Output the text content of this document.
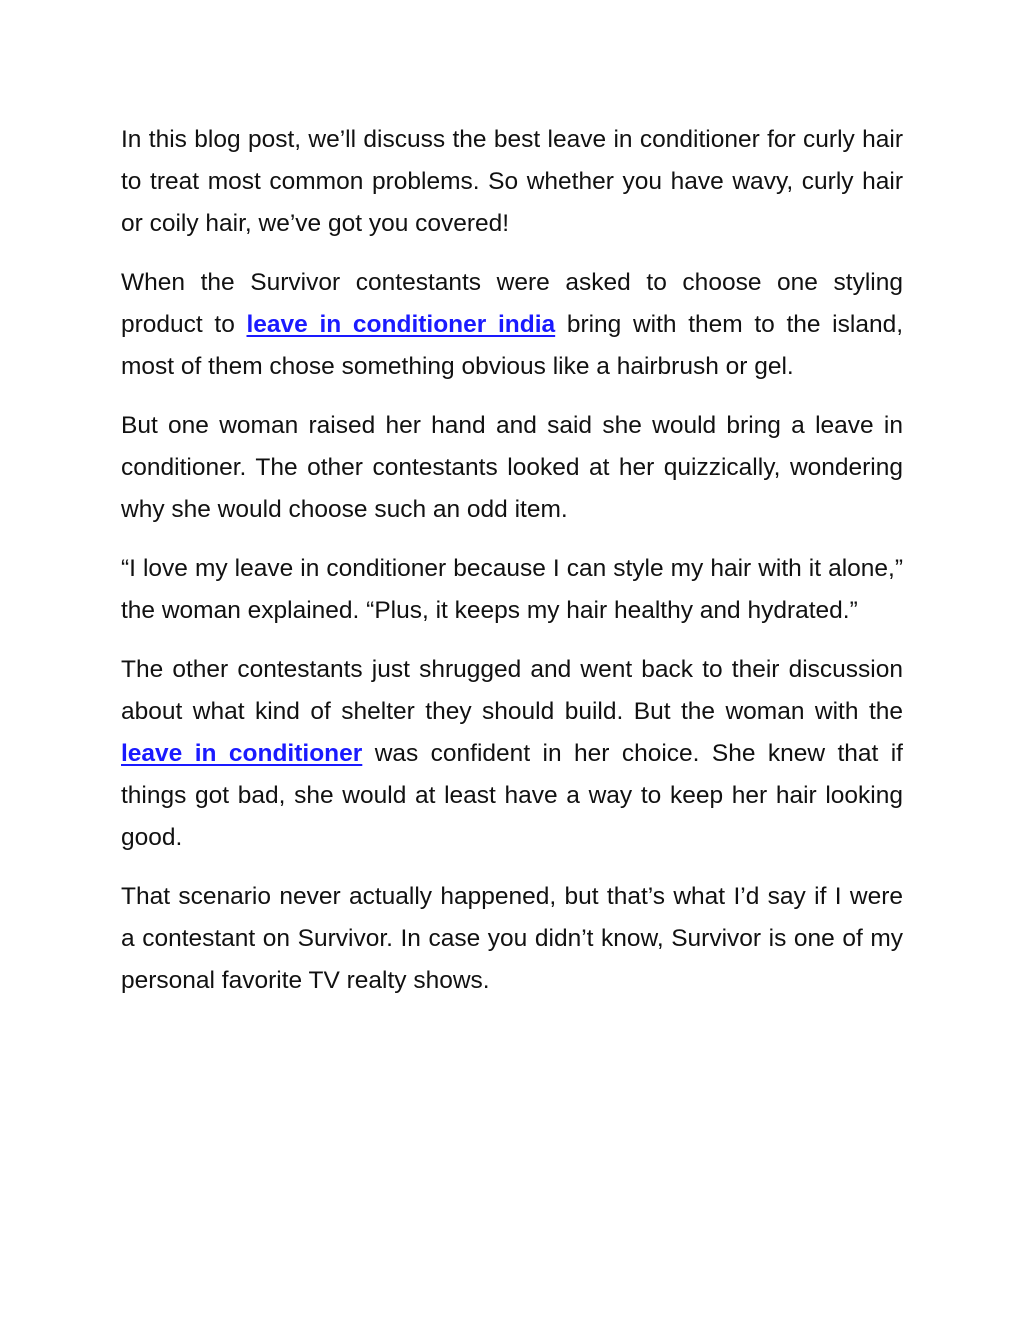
In this blog post, we’ll discuss the best leave in conditioner for curly hair to treat most common problems. So whether you have wavy, curly hair or coily hair, we’ve got you covered!

When the Survivor contestants were asked to choose one styling product to leave in conditioner india bring with them to the island, most of them chose something obvious like a hairbrush or gel.

But one woman raised her hand and said she would bring a leave in conditioner. The other contestants looked at her quizzically, wondering why she would choose such an odd item.

“I love my leave in conditioner because I can style my hair with it alone,” the woman explained. “Plus, it keeps my hair healthy and hydrated.”

The other contestants just shrugged and went back to their discussion about what kind of shelter they should build. But the woman with the leave in conditioner was confident in her choice. She knew that if things got bad, she would at least have a way to keep her hair looking good.

That scenario never actually happened, but that’s what I’d say if I were a contestant on Survivor. In case you didn’t know, Survivor is one of my personal favorite TV realty shows.
